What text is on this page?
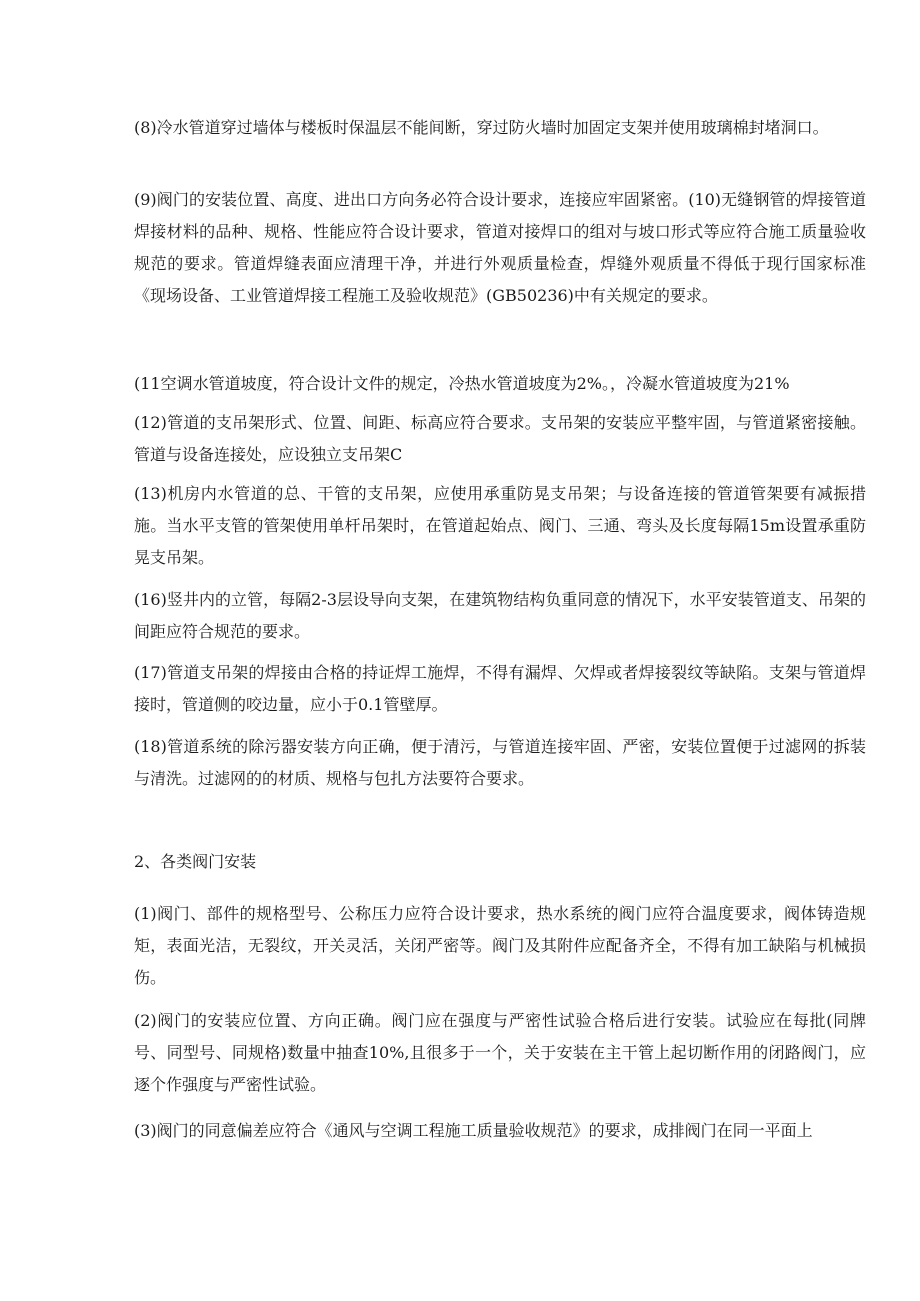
(8)冷水管道穿过墙体与楼板时保温层不能间断，穿过防火墙时加固定支架并使用玻璃棉封堵洞口。

(9)阀门的安装位置、高度、进出口方向务必符合设计要求，连接应牢固紧密。(10)无缝钢管的焊接管道焊接材料的品种、规格、性能应符合设计要求，管道对接焊口的组对与坡口形式等应符合施工质量验收规范的要求。管道焊缝表面应清理干净，并进行外观质量检查，焊缝外观质量不得低于现行国家标准《现场设备、工业管道焊接工程施工及验收规范》(GB50236)中有关规定的要求。

(11空调水管道坡度，符合设计文件的规定，冷热水管道坡度为2%。，冷凝水管道坡度为21%

(12)管道的支吊架形式、位置、间距、标高应符合要求。支吊架的安装应平整牢固，与管道紧密接触。管道与设备连接处，应设独立支吊架C

(13)机房内水管道的总、干管的支吊架，应使用承重防晃支吊架；与设备连接的管道管架要有减振措施。当水平支管的管架使用单杆吊架时，在管道起始点、阀门、三通、弯头及长度每隔15m设置承重防晃支吊架。

(16)竖井内的立管，每隔2-3层设导向支架，在建筑物结构负重同意的情况下，水平安装管道支、吊架的间距应符合规范的要求。

(17)管道支吊架的焊接由合格的持证焊工施焊，不得有漏焊、欠焊或者焊接裂纹等缺陷。支架与管道焊接时，管道侧的咬边量，应小于0.1管壁厚。

(18)管道系统的除污器安装方向正确，便于清污，与管道连接牢固、严密，安装位置便于过滤网的拆装与清洗。过滤网的的材质、规格与包扎方法要符合要求。

2、各类阀门安装

(1)阀门、部件的规格型号、公称压力应符合设计要求，热水系统的阀门应符合温度要求，阀体铸造规矩，表面光洁，无裂纹，开关灵活，关闭严密等。阀门及其附件应配备齐全，不得有加工缺陷与机械损伤。

(2)阀门的安装应位置、方向正确。阀门应在强度与严密性试验合格后进行安装。试验应在每批(同牌号、同型号、同规格)数量中抽查10%,且很多于一个，关于安装在主干管上起切断作用的闭路阀门，应逐个作强度与严密性试验。

(3)阀门的同意偏差应符合《通风与空调工程施工质量验收规范》的要求，成排阀门在同一平面上
